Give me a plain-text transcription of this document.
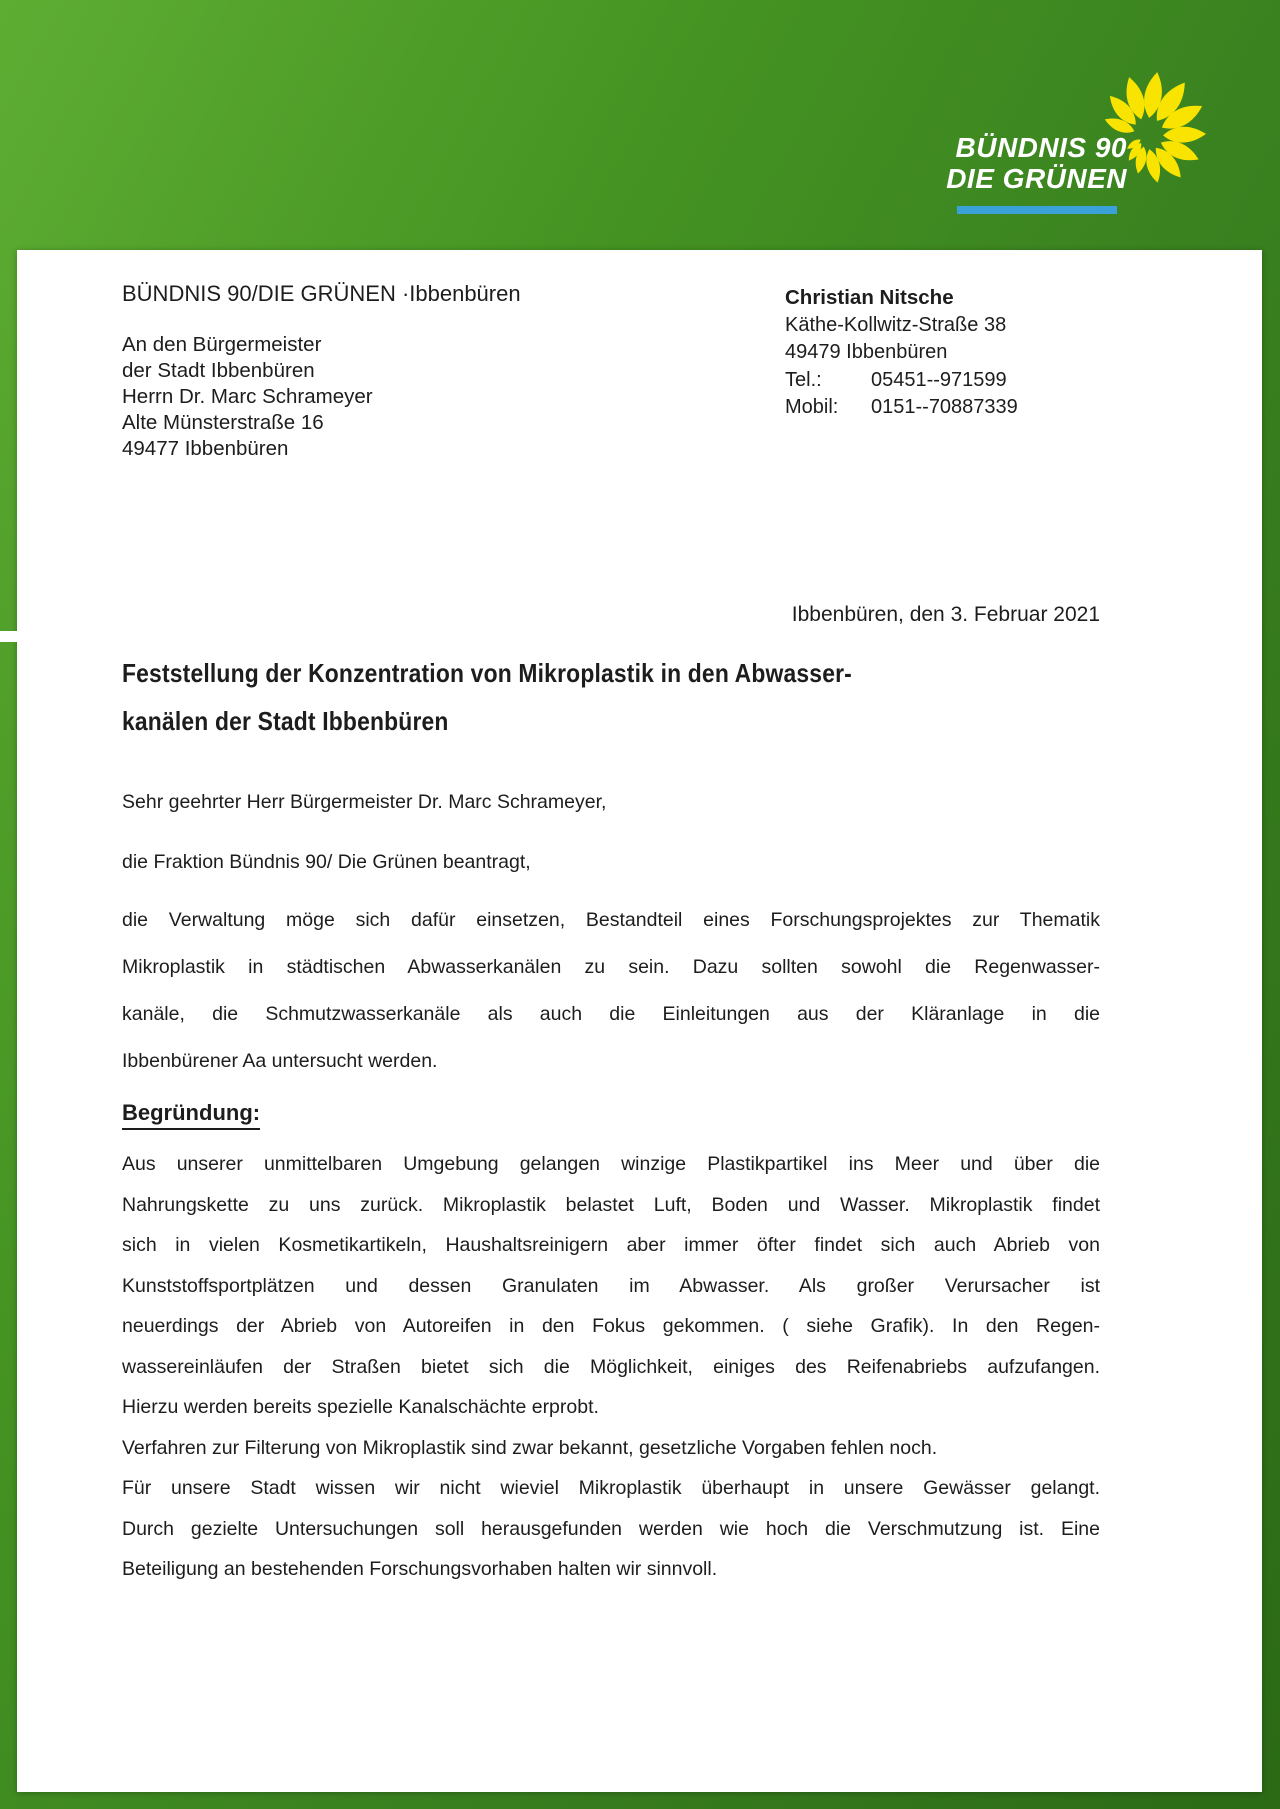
BÜNDNIS 90
DIE GRÜNEN
BÜNDNIS 90/DIE GRÜNEN ·Ibbenbüren
An den Bürgermeister
der Stadt Ibbenbüren
Herrn Dr. Marc Schrameyer
Alte Münsterstraße 16
49477 Ibbenbüren
Christian Nitsche
Käthe-Kollwitz-Straße 38
49479 Ibbenbüren
Tel.:	05451--971599
Mobil:	0151--70887339
Ibbenbüren, den 3. Februar 2021
Feststellung der Konzentration von Mikroplastik in den Abwasser-
kanälen der Stadt Ibbenbüren
Sehr geehrter Herr Bürgermeister Dr. Marc Schrameyer,
die Fraktion Bündnis 90/ Die Grünen beantragt,
die Verwaltung möge sich dafür einsetzen, Bestandteil eines Forschungsprojektes zur Thematik
Mikroplastik in städtischen Abwasserkanälen zu sein. Dazu sollten sowohl die Regenwasser-
kanäle, die Schmutzwasserkanäle als auch die Einleitungen aus der Kläranlage in die
Ibbenbürener Aa untersucht werden.
Begründung:
Aus unserer unmittelbaren Umgebung gelangen winzige Plastikpartikel ins Meer und über die
Nahrungskette zu uns zurück. Mikroplastik belastet Luft, Boden und Wasser. Mikroplastik findet
sich in vielen Kosmetikartikeln, Haushaltsreinigern aber immer öfter findet sich auch Abrieb von
Kunststoffsportplätzen und dessen Granulaten im Abwasser. Als großer Verursacher ist
neuerdings der Abrieb von Autoreifen in den Fokus gekommen. ( siehe Grafik). In den Regen-
wassereinläufen der Straßen bietet sich die Möglichkeit, einiges des Reifenabriebs aufzufangen.
Hierzu werden bereits spezielle Kanalschächte erprobt.
Verfahren zur Filterung von Mikroplastik sind zwar bekannt, gesetzliche Vorgaben fehlen noch.
Für unsere Stadt wissen wir nicht wieviel Mikroplastik überhaupt in unsere Gewässer gelangt.
Durch gezielte Untersuchungen soll herausgefunden werden wie hoch die Verschmutzung ist. Eine
Beteiligung an bestehenden Forschungsvorhaben halten wir sinnvoll.
